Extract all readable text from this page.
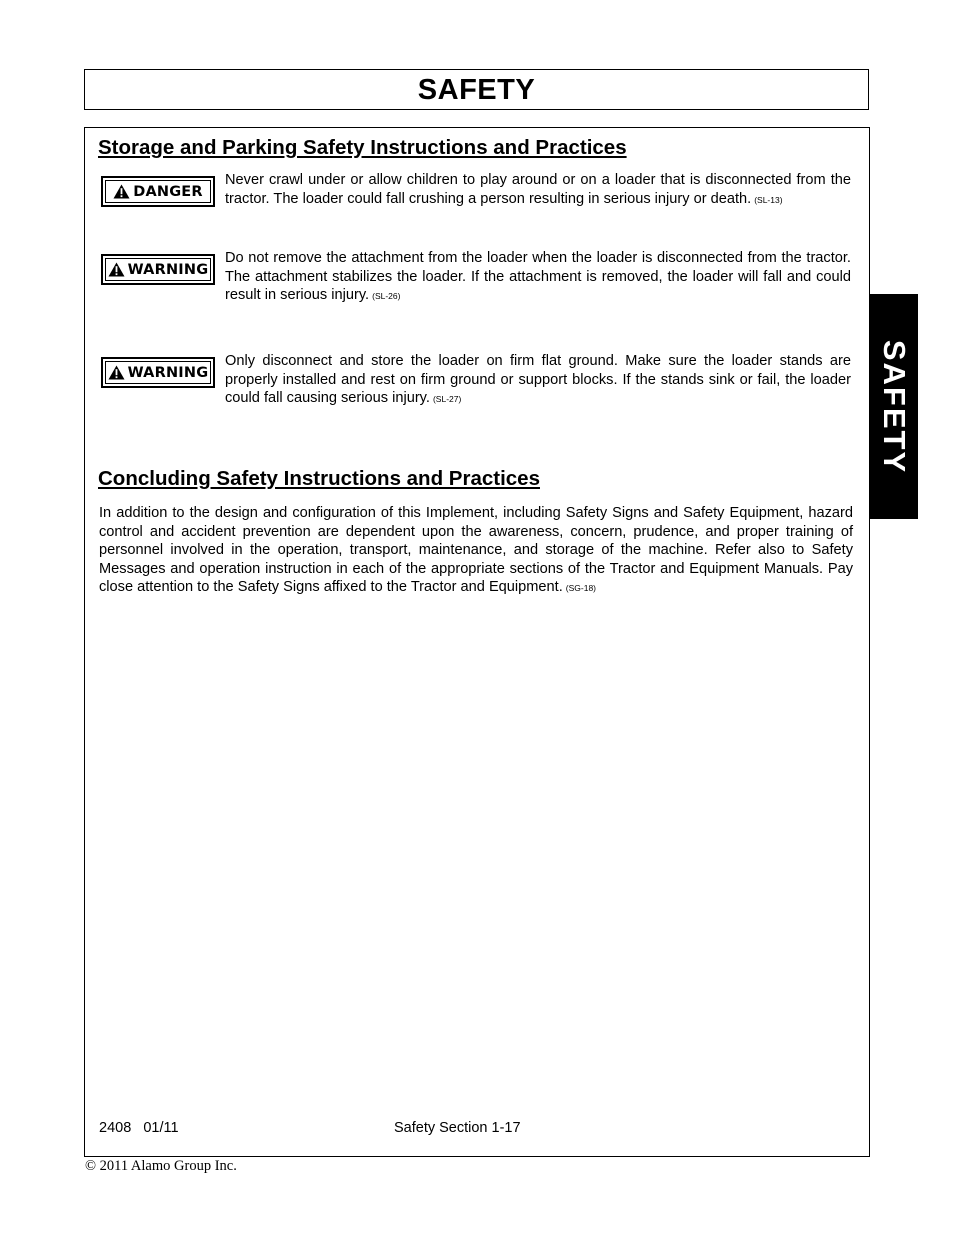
SAFETY
Storage and Parking Safety Instructions and Practices
DANGER
Never crawl under or allow children to play around or on a loader that is disconnected from the tractor. The loader could fall crushing a person resulting in serious injury or death. (SL-13)
WARNING
Do not remove the attachment from the loader when the loader is disconnected from the tractor. The attachment stabilizes the loader. If the attachment is removed, the loader will fall and could result in serious injury. (SL-26)
WARNING
Only disconnect and store the loader on firm flat ground. Make sure the loader stands are properly installed and rest on firm ground or support blocks. If the stands sink or fail, the loader could fall causing serious injury. (SL-27)
Concluding Safety Instructions and Practices
In addition to the design and configuration of this Implement, including Safety Signs and Safety Equipment, hazard control and accident prevention are dependent upon the awareness, concern, prudence, and proper training of personnel involved in the operation, transport, maintenance, and storage of the machine. Refer also to Safety Messages and operation instruction in each of the appropriate sections of the Tractor and Equipment Manuals. Pay close attention to the Safety Signs affixed to the Tractor and Equipment. (SG-18)
SAFETY
2408   01/11	Safety Section 1-17
© 2011 Alamo Group Inc.
